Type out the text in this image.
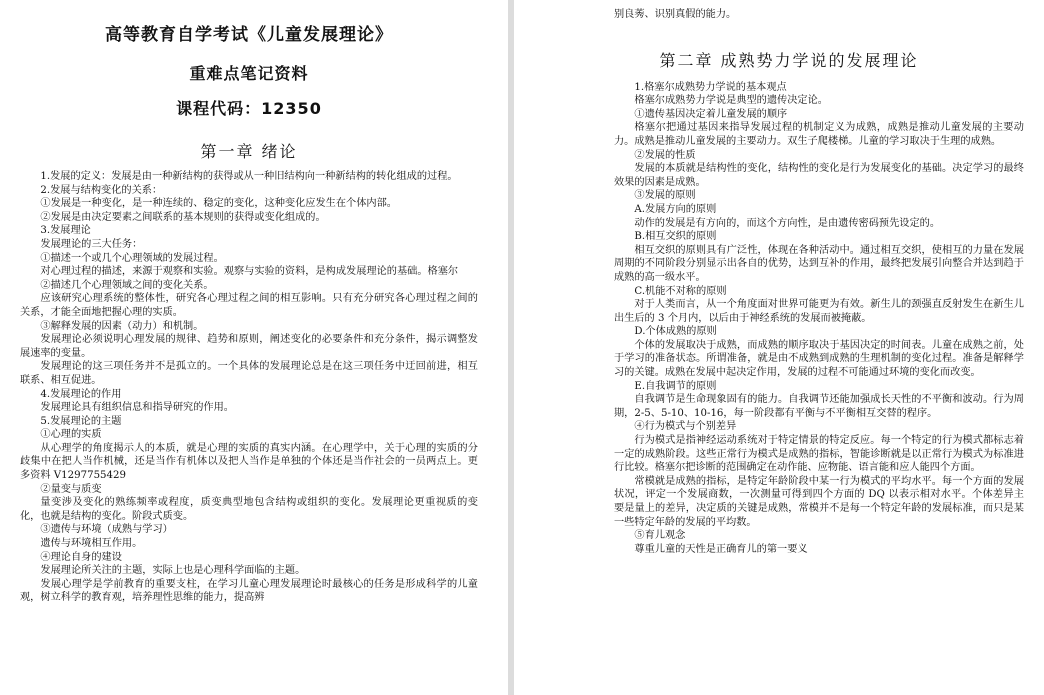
高等教育自学考试《儿童发展理论》
重难点笔记资料
课程代码：12350
第一章 绪论

1.发展的定义：发展是由一种新结构的获得或从一种旧结构向一种新结构的转化组成的过程。

2.发展与结构变化的关系：

①发展是一种变化，是一种连续的、稳定的变化，这种变化应发生在个体内部。

②发展是由决定要素之间联系的基本规则的获得或变化组成的。

3.发展理论

发展理论的三大任务：

①描述一个或几个心理领域的发展过程。

对心理过程的描述，来源于观察和实验。观察与实验的资料，是构成发展理论的基础。格塞尔

②描述几个心理领域之间的变化关系。

应该研究心理系统的整体性，研究各心理过程之间的相互影响。只有充分研究各心理过程之间的关系，才能全面地把握心理的实质。

③解释发展的因素（动力）和机制。

发展理论必须说明心理发展的规律、趋势和原则，阐述变化的必要条件和充分条件，揭示调整发展速率的变量。

发展理论的这三项任务并不是孤立的。一个具体的发展理论总是在这三项任务中迂回前进，相互联系、相互促进。

4.发展理论的作用

发展理论具有组织信息和指导研究的作用。

5.发展理论的主题

①心理的实质

从心理学的角度揭示人的本质，就是心理的实质的真实内涵。在心理学中，关于心理的实质的分歧集中在把人当作机械，还是当作有机体以及把人当作是单独的个体还是当作社会的一员两点上。更多资料 V1297755429

②量变与质变

量变涉及变化的熟练频率或程度，质变典型地包含结构或组织的变化。发展理论更重视质的变化，也就是结构的变化。阶段式质变。

③遗传与环境（成熟与学习）

遗传与环境相互作用。

④理论自身的建设

发展理论所关注的主题，实际上也是心理科学面临的主题。

发展心理学是学前教育的重要支柱，在学习儿童心理发展理论时最核心的任务是形成科学的儿童观，树立科学的教育观，培养理性思维的能力，提高辨

别良莠、识别真假的能力。
第二章 成熟势力学说的发展理论

1.格塞尔成熟势力学说的基本观点

格塞尔成熟势力学说是典型的遗传决定论。

①遗传基因决定着儿童发展的顺序

格塞尔把通过基因来指导发展过程的机制定义为成熟，成熟是推动儿童发展的主要动力。成熟是推动儿童发展的主要动力。双生子爬楼梯。儿童的学习取决于生理的成熟。

②发展的性质

发展的本质就是结构性的变化，结构性的变化是行为发展变化的基础。决定学习的最终效果的因素是成熟。

③发展的原则

A.发展方向的原则

动作的发展是有方向的，而这个方向性，是由遗传密码预先设定的。

B.相互交织的原则

相互交织的原则具有广泛性，体现在各种活动中。通过相互交织，使相互的力量在发展周期的不同阶段分别显示出各自的优势，达到互补的作用，最终把发展引向整合并达到趋于成熟的高一级水平。

C.机能不对称的原则

对于人类而言，从一个角度面对世界可能更为有效。新生儿的颈强直反射发生在新生儿出生后的 3 个月内，以后由于神经系统的发展而被掩蔽。

D.个体成熟的原则

个体的发展取决于成熟，而成熟的顺序取决于基因决定的时间表。儿童在成熟之前，处于学习的准备状态。所谓准备，就是由不成熟到成熟的生理机制的变化过程。准备是解释学习的关键。成熟在发展中起决定作用，发展的过程不可能通过环境的变化而改变。

E.自我调节的原则

自我调节是生命现象固有的能力。自我调节还能加强成长天性的不平衡和波动。行为周期，2-5、5-10、10-16，每一阶段都有平衡与不平衡相互交替的程序。

④行为模式与个别差异

行为模式是指神经运动系统对于特定情景的特定反应。每一个特定的行为模式都标志着一定的成熟阶段。这些正常行为模式是成熟的指标，智能诊断就是以正常行为模式为标准进行比较。格塞尔把诊断的范围确定在动作能、应物能、语言能和应人能四个方面。

常模就是成熟的指标，是特定年龄阶段中某一行为模式的平均水平。每一个方面的发展状况，评定一个发展商数，一次测量可得到四个方面的 DQ 以表示相对水平。个体差异主要是量上的差异，决定质的关键是成熟，常模并不是每一个特定年龄的发展标准，而只是某一些特定年龄的发展的平均数。

⑤育儿观念

尊重儿童的天性是正确育儿的第一要义
